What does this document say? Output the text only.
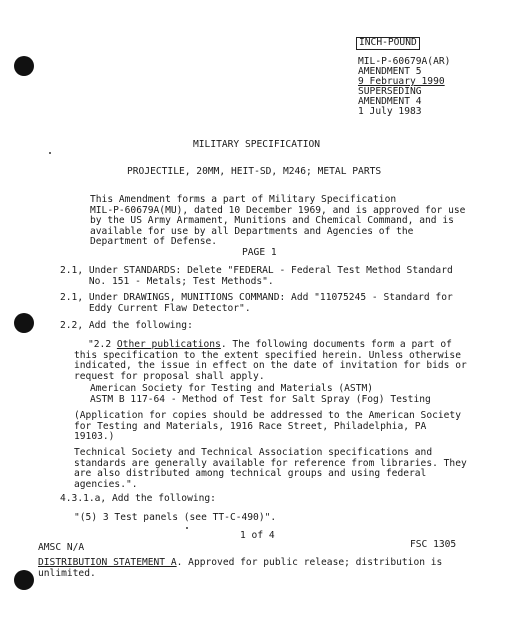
INCH-POUND
MIL-P-60679A(AR)
AMENDMENT 5
9 February 1990
SUPERSEDING
AMENDMENT 4
1 July 1983
MILITARY SPECIFICATION
PROJECTILE, 20MM, HEIT-SD, M246; METAL PARTS
This Amendment forms a part of Military Specification
MIL-P-60679A(MU), dated 10 December 1969, and is approved for use
by the US Army Armament, Munitions and Chemical Command, and is
available for use by all Departments and Agencies of the
Department of Defense.
PAGE 1
2.1, Under STANDARDS: Delete "FEDERAL - Federal Test Method Standard
No. 151 - Metals; Test Methods".
2.1, Under DRAWINGS, MUNITIONS COMMAND: Add "11075245 - Standard for
Eddy Current Flaw Detector".
2.2, Add the following:
"2.2 Other publications. The following documents form a part of
this specification to the extent specified herein. Unless otherwise
indicated, the issue in effect on the date of invitation for bids or
request for proposal shall apply.
American Society for Testing and Materials (ASTM)
ASTM B 117-64 - Method of Test for Salt Spray (Fog) Testing
(Application for copies should be addressed to the American Society
for Testing and Materials, 1916 Race Street, Philadelphia, PA
19103.)
Technical Society and Technical Association specifications and
standards are generally available for reference from libraries. They
are also distributed among technical groups and using federal
agencies.".
4.3.1.a, Add the following:
"(5) 3 Test panels (see TT-C-490)".
1 of 4
AMSC N/A	FSC 1305
DISTRIBUTION STATEMENT A. Approved for public release; distribution is
unlimited.
